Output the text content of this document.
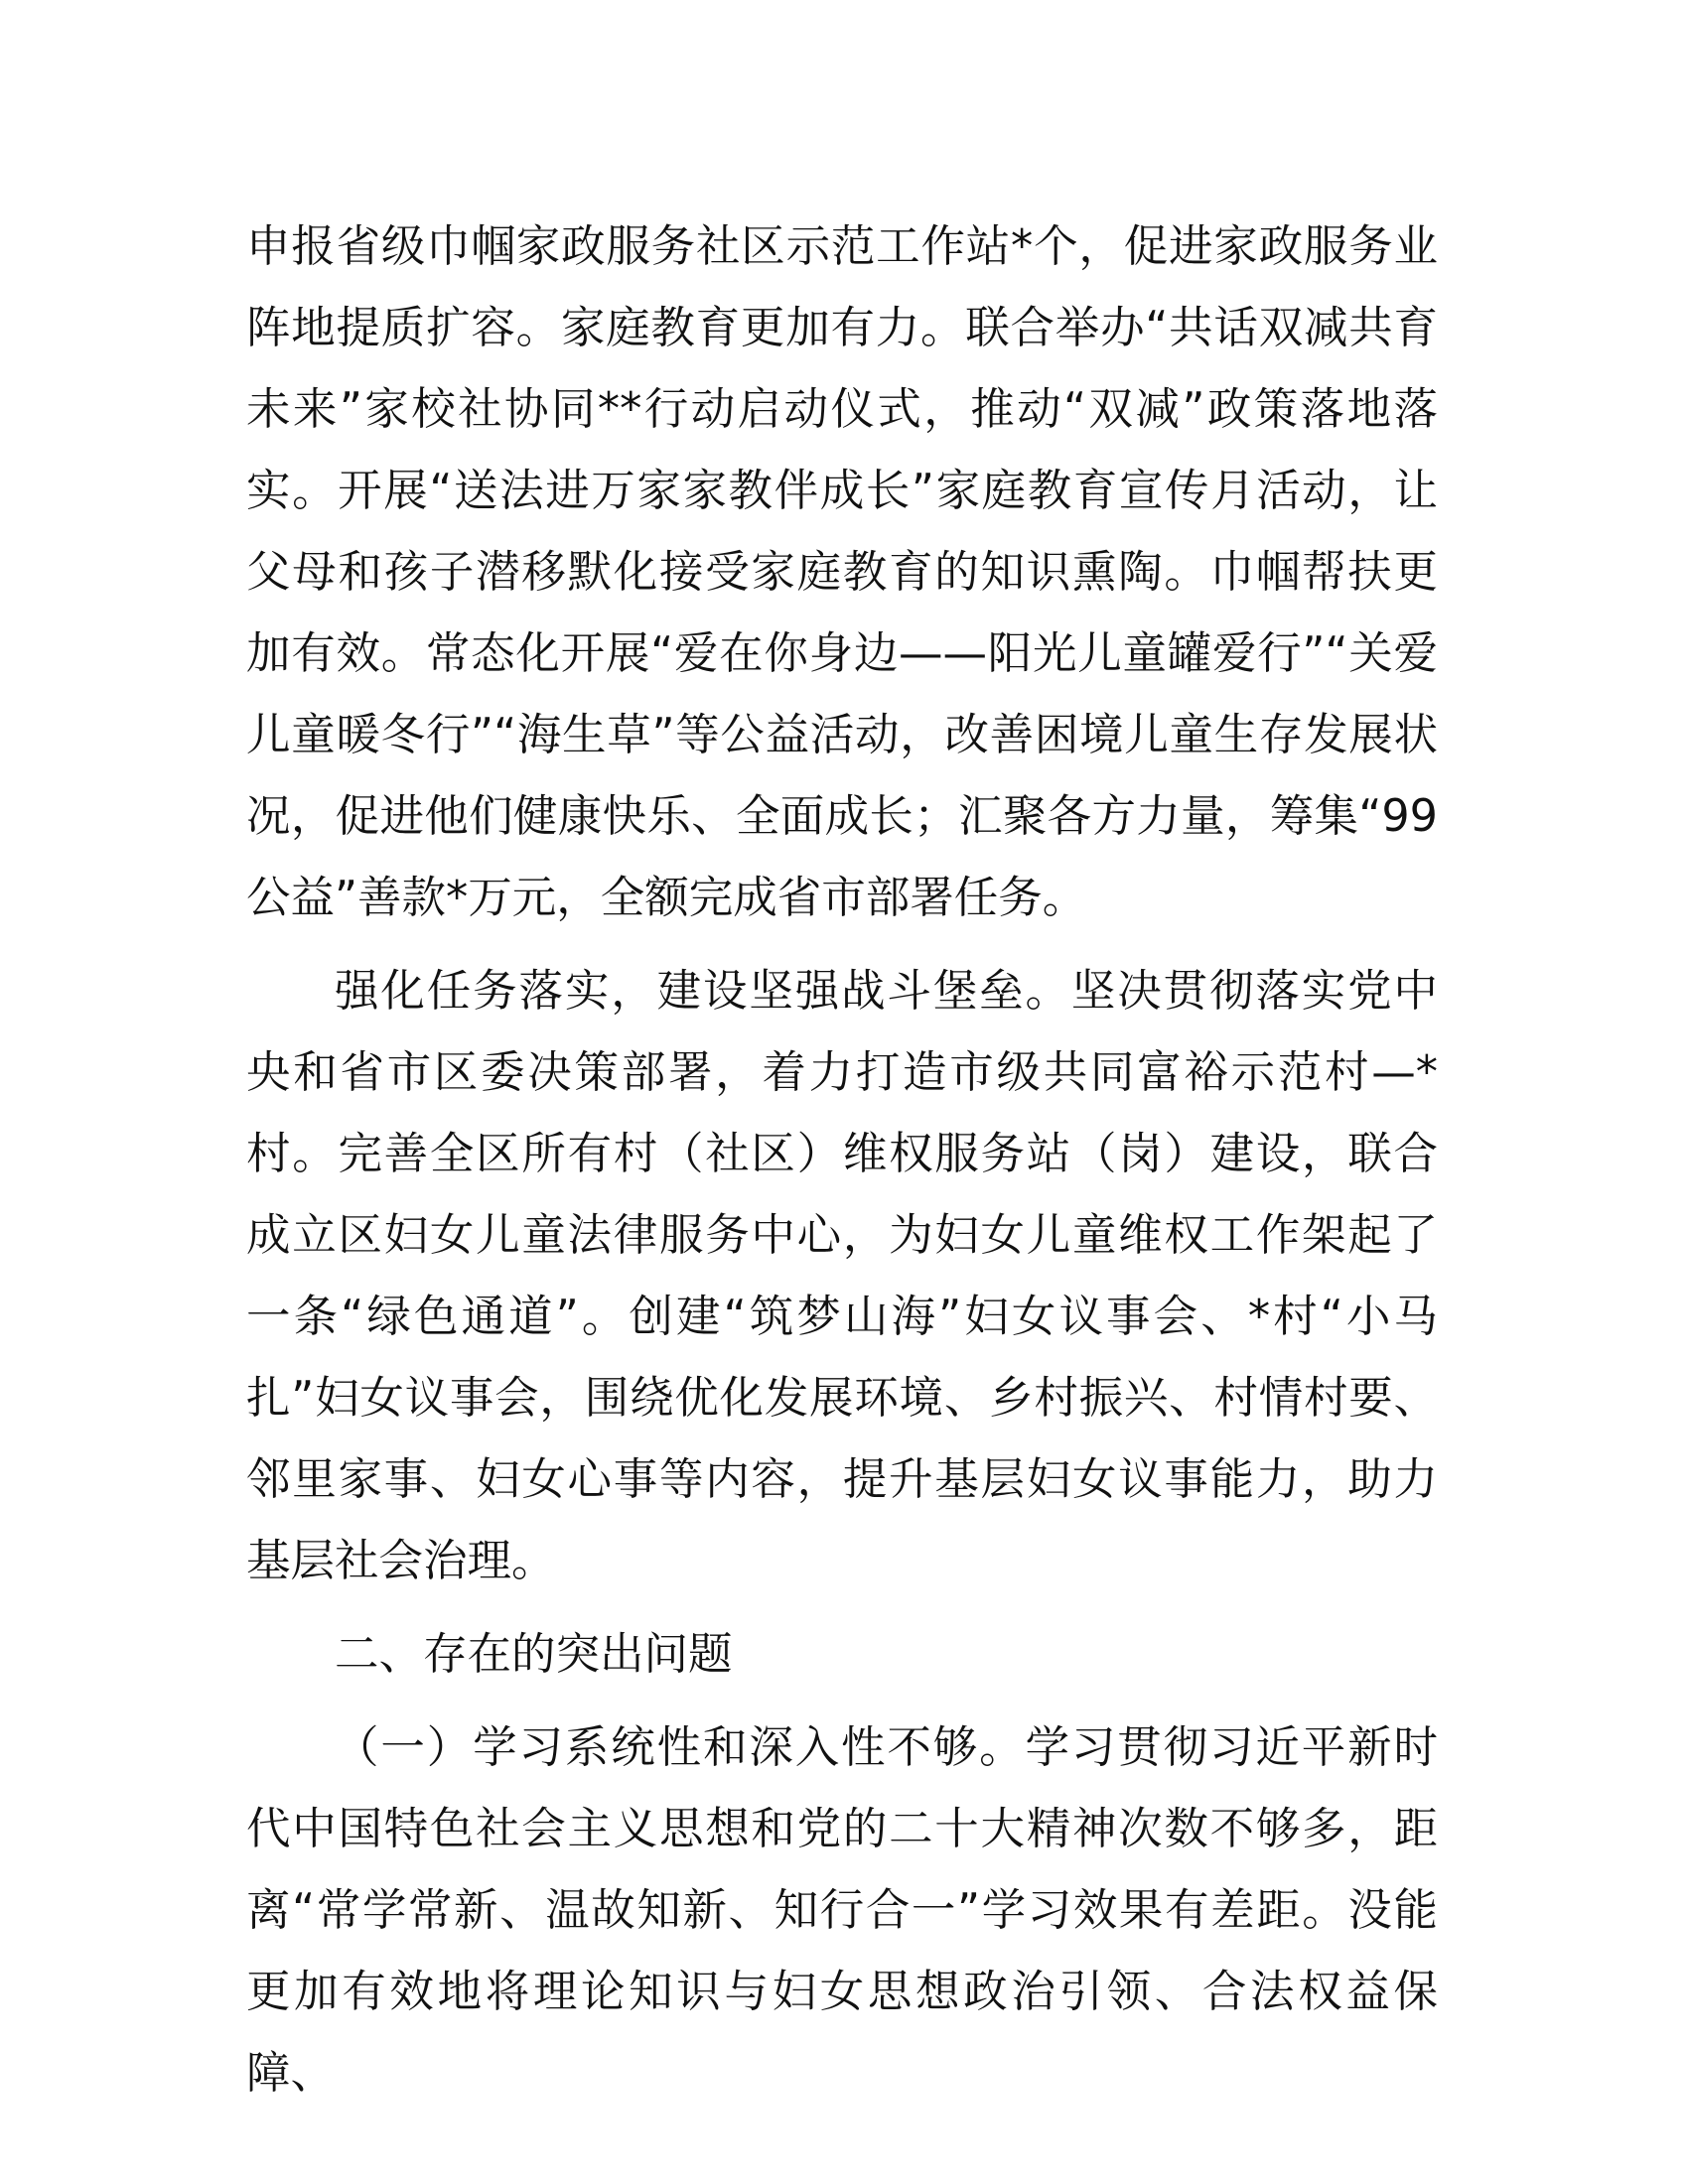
申报省级巾帼家政服务社区示范工作站*个，促进家政服务业阵地提质扩容。家庭教育更加有力。联合举办“共话双减共育未来”家校社协同**行动启动仪式，推动“双减”政策落地落实。开展“送法进万家家教伴成长”家庭教育宣传月活动，让父母和孩子潜移默化接受家庭教育的知识熏陶。巾帼帮扶更加有效。常态化开展“爱在你身边——阳光儿童罐爱行”“关爱儿童暖冬行”“海生草”等公益活动，改善困境儿童生存发展状况，促进他们健康快乐、全面成长；汇聚各方力量，筹集“99公益”善款*万元，全额完成省市部署任务。

强化任务落实，建设坚强战斗堡垒。坚决贯彻落实党中央和省市区委决策部署，着力打造市级共同富裕示范村—*村。完善全区所有村（社区）维权服务站（岗）建设，联合成立区妇女儿童法律服务中心，为妇女儿童维权工作架起了一条“绿色通道”。创建“筑梦山海”妇女议事会、*村“小马扎”妇女议事会，围绕优化发展环境、乡村振兴、村情村要、邻里家事、妇女心事等内容，提升基层妇女议事能力，助力基层社会治理。

二、存在的突出问题

（一）学习系统性和深入性不够。学习贯彻习近平新时代中国特色社会主义思想和党的二十大精神次数不够多，距离“常学常新、温故知新、知行合一”学习效果有差距。没能更加有效地将理论知识与妇女思想政治引领、合法权益保障、
